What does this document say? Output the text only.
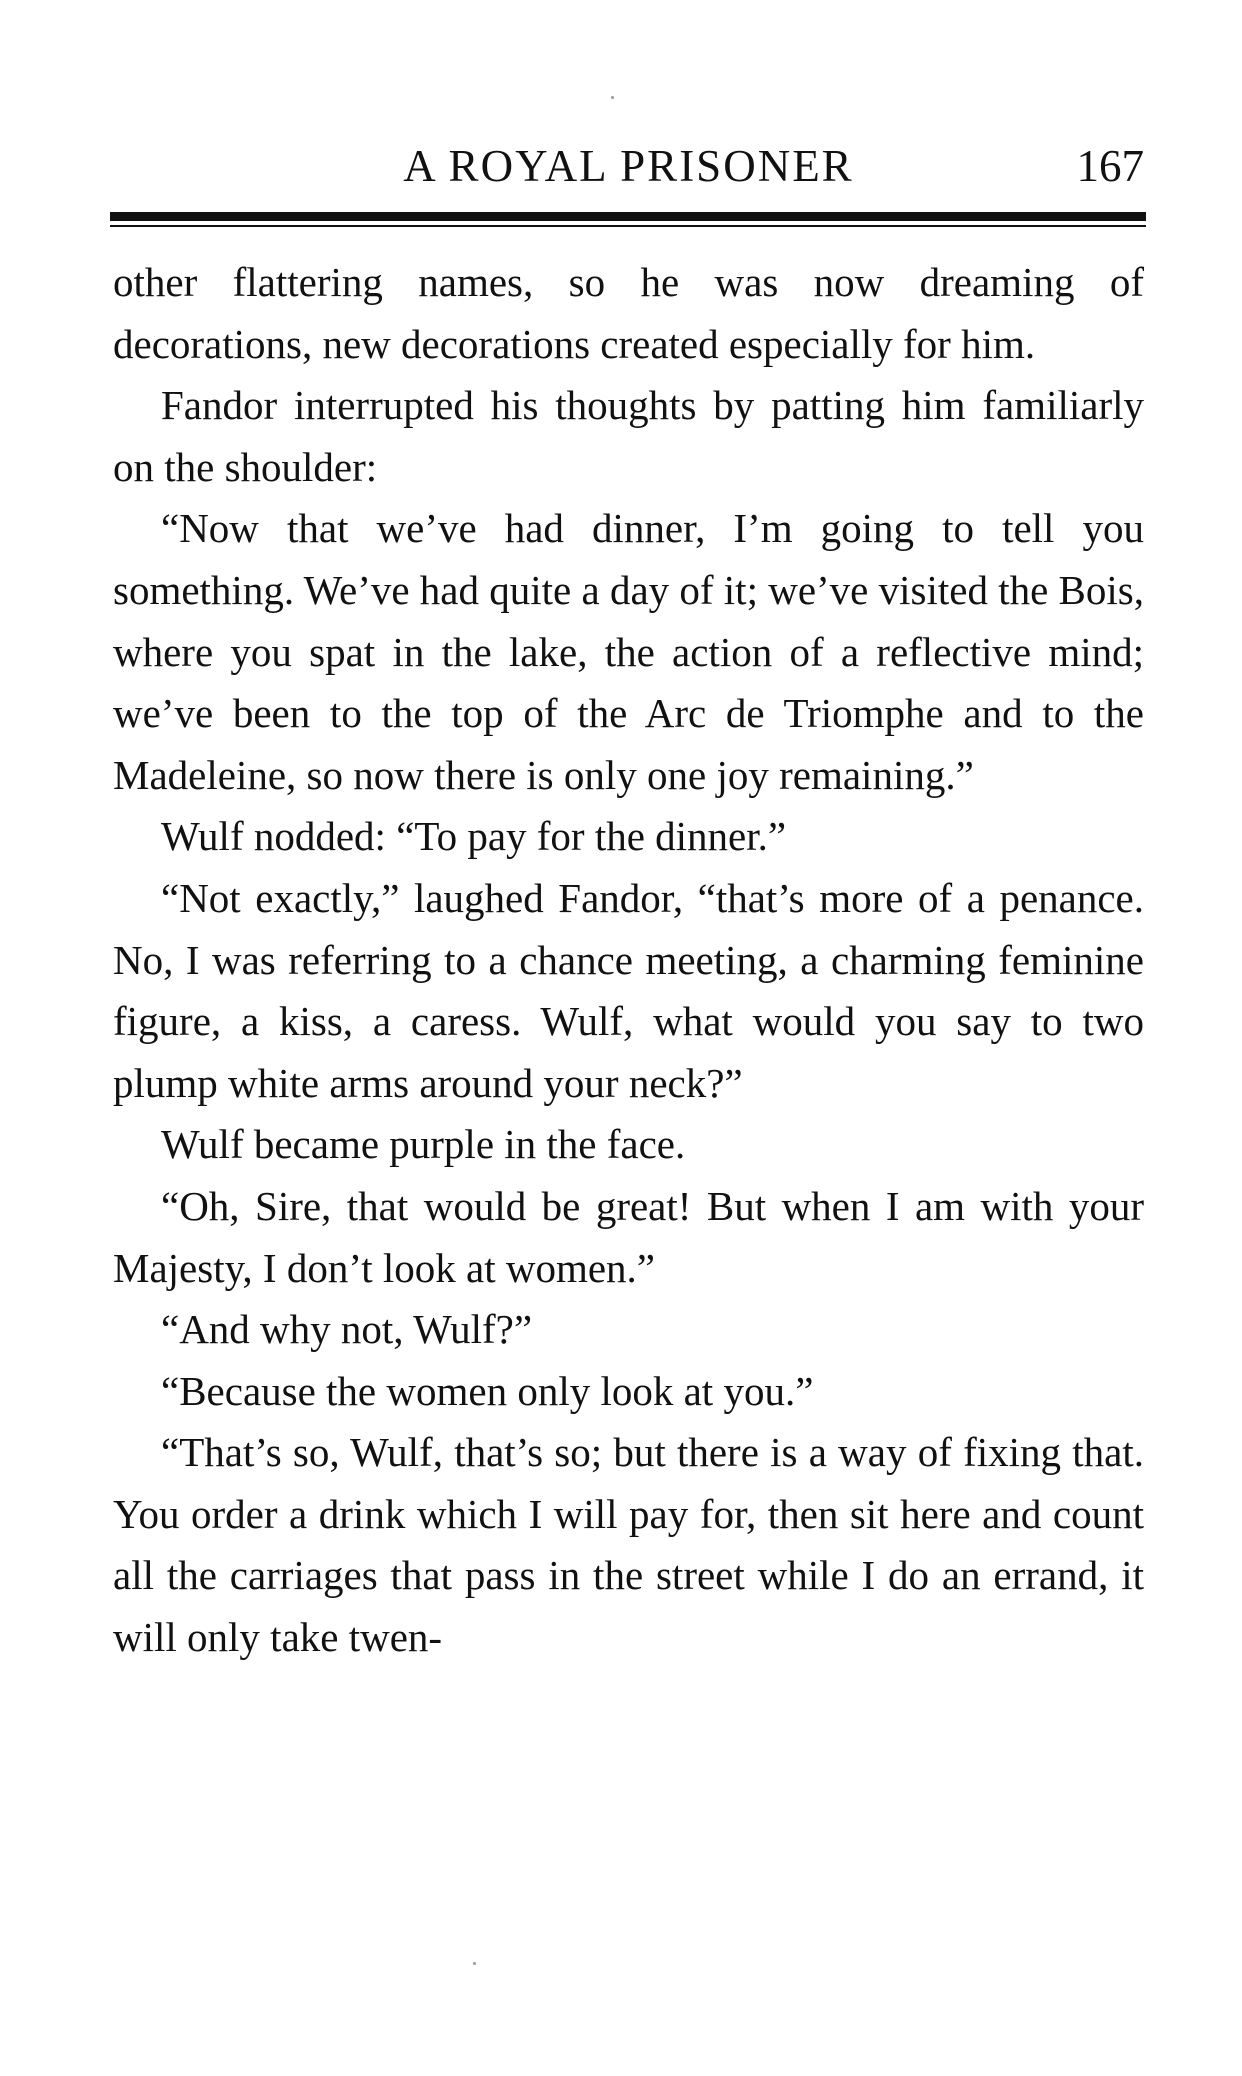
A ROYAL PRISONER	167

other flattering names, so he was now dreaming of decorations, new decorations created especially for him.

Fandor interrupted his thoughts by patting him familiarly on the shoulder:

“Now that we’ve had dinner, I’m going to tell you something. We’ve had quite a day of it; we’ve visited the Bois, where you spat in the lake, the action of a reflective mind; we’ve been to the top of the Arc de Triomphe and to the Madeleine, so now there is only one joy remaining.”

Wulf nodded: “To pay for the dinner.”

“Not exactly,” laughed Fandor, “that’s more of a penance. No, I was referring to a chance meeting, a charming feminine figure, a kiss, a caress. Wulf, what would you say to two plump white arms around your neck?”

Wulf became purple in the face.

“Oh, Sire, that would be great! But when I am with your Majesty, I don’t look at women.”

“And why not, Wulf?”

“Because the women only look at you.”

“That’s so, Wulf, that’s so; but there is a way of fixing that. You order a drink which I will pay for, then sit here and count all the carriages that pass in the street while I do an errand, it will only take twen-
